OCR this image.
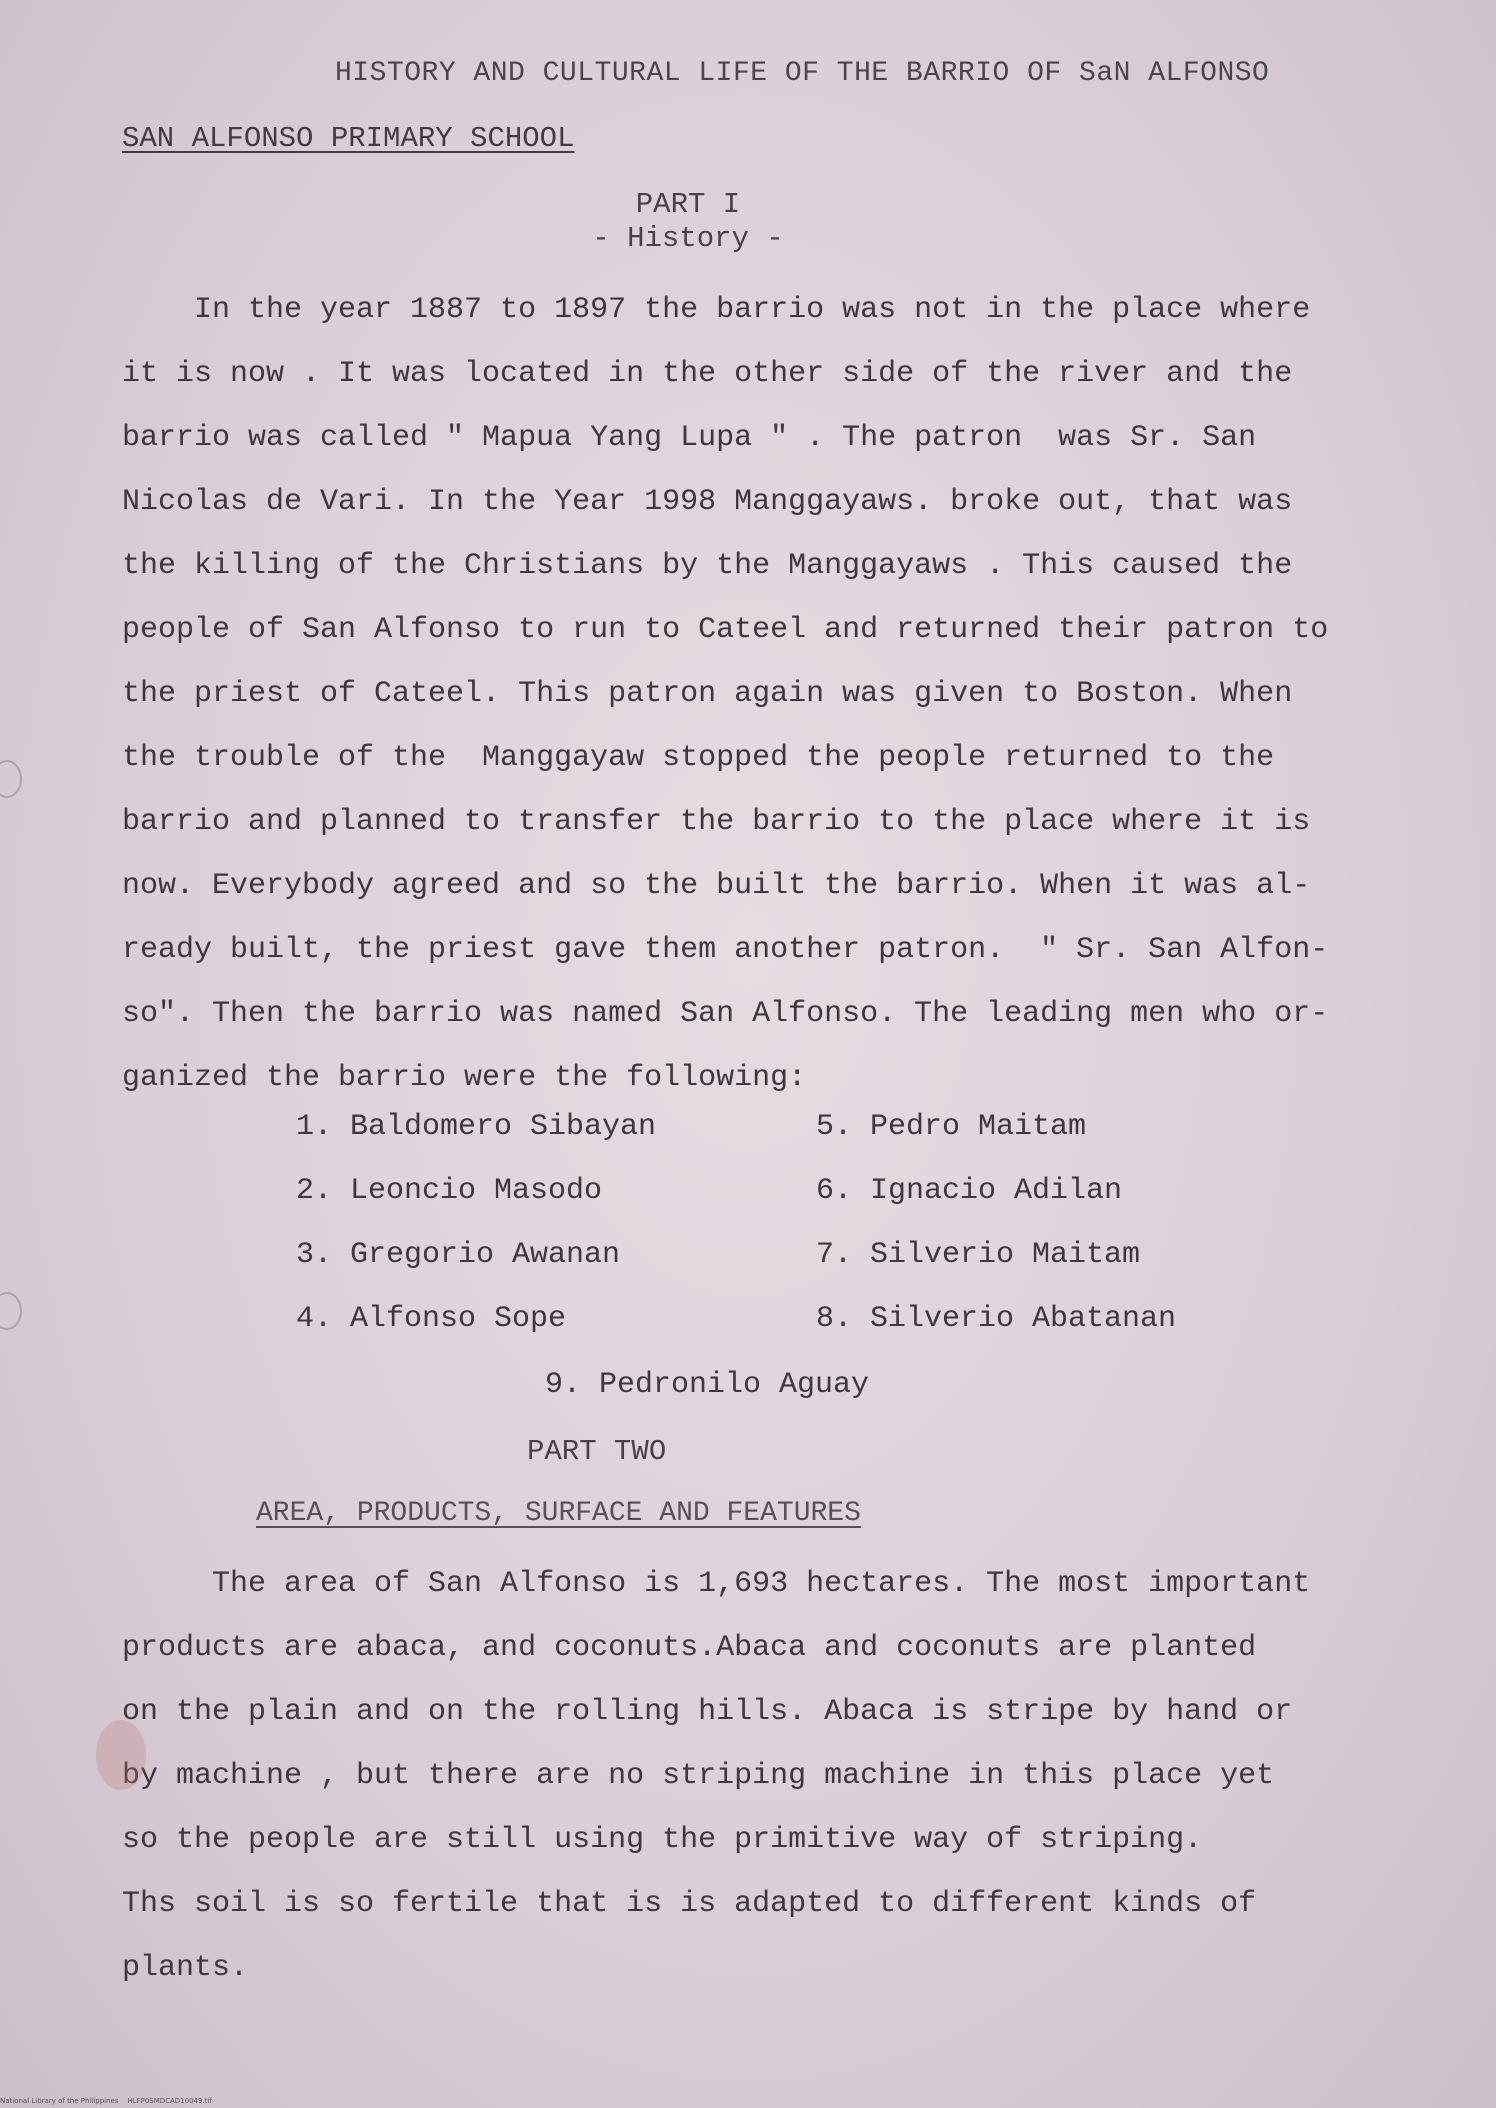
HISTORY AND CULTURAL LIFE OF THE BARRIO OF SaN ALFONSO
SAN ALFONSO PRIMARY SCHOOL
PART I
- History -
In the year 1887 to 1897 the barrio was not in the place where
it is now . It was located in the other side of the river and the
barrio was called " Mapua Yang Lupa " . The patron  was Sr. San
Nicolas de Vari. In the Year 1998 Manggayaws. broke out, that was
the killing of the Christians by the Manggayaws . This caused the
people of San Alfonso to run to Cateel and returned their patron to
the priest of Cateel. This patron again was given to Boston. When
the trouble of the  Manggayaw stopped the people returned to the
barrio and planned to transfer the barrio to the place where it is
now. Everybody agreed and so the built the barrio. When it was al-
ready built, the priest gave them another patron.  " Sr. San Alfon-
so". Then the barrio was named San Alfonso. The leading men who or-
ganized the barrio were the following:
1. Baldomero Sibayan	5. Pedro Maitam
2. Leoncio Masodo	6. Ignacio Adilan
3. Gregorio Awanan	7. Silverio Maitam
4. Alfonso Sope	8. Silverio Abatanan
9. Pedronilo Aguay
PART TWO
AREA, PRODUCTS, SURFACE AND FEATURES
The area of San Alfonso is 1,693 hectares. The most important
products are abaca, and coconuts.Abaca and coconuts are planted
on the plain and on the rolling hills. Abaca is stripe by hand or
by machine , but there are no striping machine in this place yet
so the people are still using the primitive way of striping.
Ths soil is so fertile that is is adapted to different kinds of
plants.
National Library of the Philippines    HLFP0SMDCAD10049.tif
